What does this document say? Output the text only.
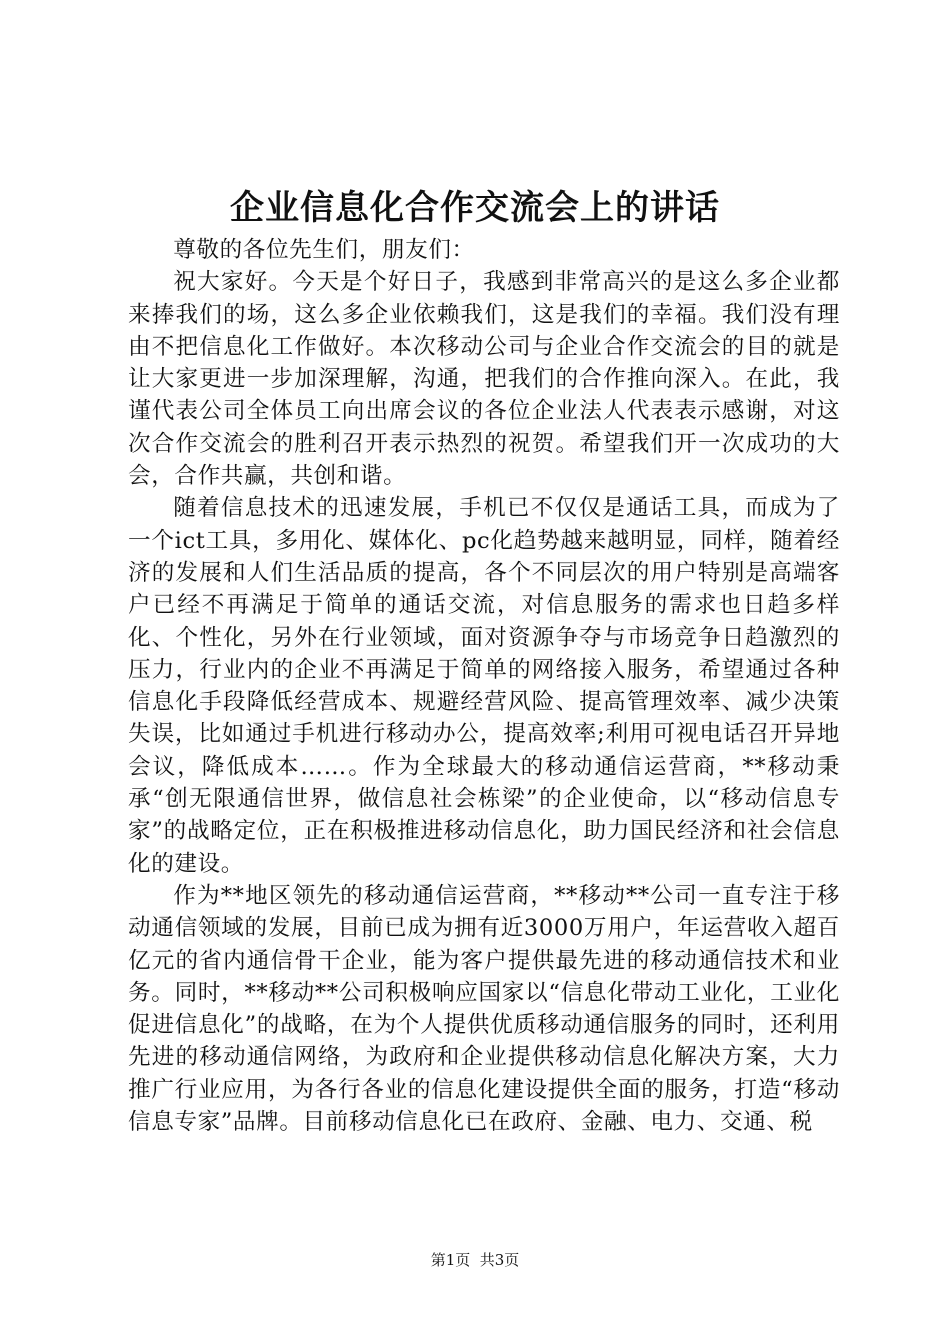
企业信息化合作交流会上的讲话

尊敬的各位先生们，朋友们：

祝大家好。今天是个好日子，我感到非常高兴的是这么多企业都来捧我们的场，这么多企业依赖我们，这是我们的幸福。我们没有理由不把信息化工作做好。本次移动公司与企业合作交流会的目的就是让大家更进一步加深理解，沟通，把我们的合作推向深入。在此，我谨代表公司全体员工向出席会议的各位企业法人代表表示感谢，对这次合作交流会的胜利召开表示热烈的祝贺。希望我们开一次成功的大会，合作共赢，共创和谐。

随着信息技术的迅速发展，手机已不仅仅是通话工具，而成为了一个ict工具，多用化、媒体化、pc化趋势越来越明显，同样，随着经济的发展和人们生活品质的提高，各个不同层次的用户特别是高端客户已经不再满足于简单的通话交流，对信息服务的需求也日趋多样化、个性化，另外在行业领域，面对资源争夺与市场竞争日趋激烈的压力，行业内的企业不再满足于简单的网络接入服务，希望通过各种信息化手段降低经营成本、规避经营风险、提高管理效率、减少决策失误，比如通过手机进行移动办公，提高效率;利用可视电话召开异地会议，降低成本……。作为全球最大的移动通信运营商，**移动秉承“创无限通信世界，做信息社会栋梁”的企业使命，以“移动信息专家”的战略定位，正在积极推进移动信息化，助力国民经济和社会信息化的建设。

作为**地区领先的移动通信运营商，**移动**公司一直专注于移动通信领域的发展，目前已成为拥有近3000万用户，年运营收入超百亿元的省内通信骨干企业，能为客户提供最先进的移动通信技术和业务。同时，**移动**公司积极响应国家以“信息化带动工业化，工业化促进信息化”的战略，在为个人提供优质移动通信服务的同时，还利用先进的移动通信网络，为政府和企业提供移动信息化解决方案，大力推广行业应用，为各行各业的信息化建设提供全面的服务，打造“移动信息专家”品牌。目前移动信息化已在政府、金融、电力、交通、税

第1页  共3页
